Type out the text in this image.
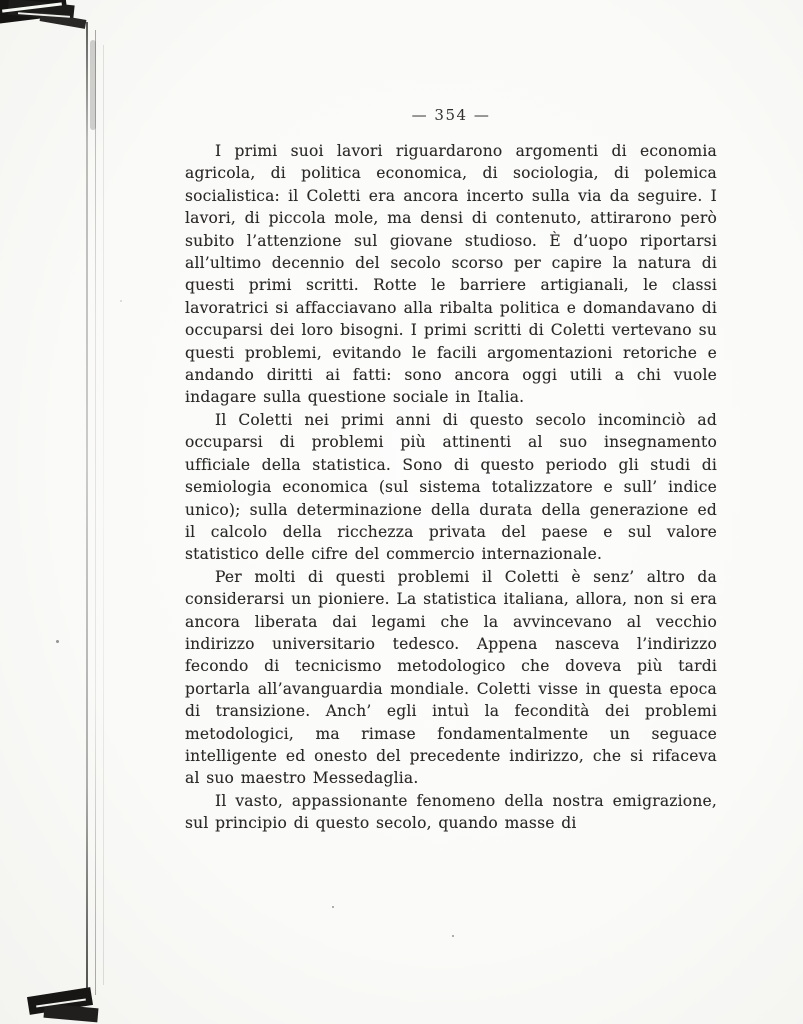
— 354 —

I primi suoi lavori riguardarono argomenti di economia agricola, di politica economica, di sociologia, di polemica socialistica: il Coletti era ancora incerto sulla via da seguire. I lavori, di piccola mole, ma densi di contenuto, attirarono però subito l’attenzione sul giovane studioso. È d’uopo riportarsi all’ultimo decennio del secolo scorso per capire la natura di questi primi scritti. Rotte le barriere artigianali, le classi lavoratrici si affacciavano alla ribalta politica e domandavano di occuparsi dei loro bisogni. I primi scritti di Coletti vertevano su questi problemi, evitando le facili argomentazioni retoriche e andando diritti ai fatti: sono ancora oggi utili a chi vuole indagare sulla questione sociale in Italia.

Il Coletti nei primi anni di questo secolo incominciò ad occuparsi di problemi più attinenti al suo insegnamento ufficiale della statistica. Sono di questo periodo gli studi di semiologia economica (sul sistema totalizzatore e sull’ indice unico); sulla determinazione della durata della generazione ed il calcolo della ricchezza privata del paese e sul valore statistico delle cifre del commercio internazionale.

Per molti di questi problemi il Coletti è senz’ altro da considerarsi un pioniere. La statistica italiana, allora, non si era ancora liberata dai legami che la avvincevano al vecchio indirizzo universitario tedesco. Appena nasceva l’indirizzo fecondo di tecnicismo metodologico che doveva più tardi portarla all’avanguardia mondiale. Coletti visse in questa epoca di transizione. Anch’ egli intuì la fecondità dei problemi metodologici, ma rimase fondamentalmente un seguace intelligente ed onesto del precedente indirizzo, che si rifaceva al suo maestro Messedaglia.

Il vasto, appassionante fenomeno della nostra emigrazione, sul principio di questo secolo, quando masse di
